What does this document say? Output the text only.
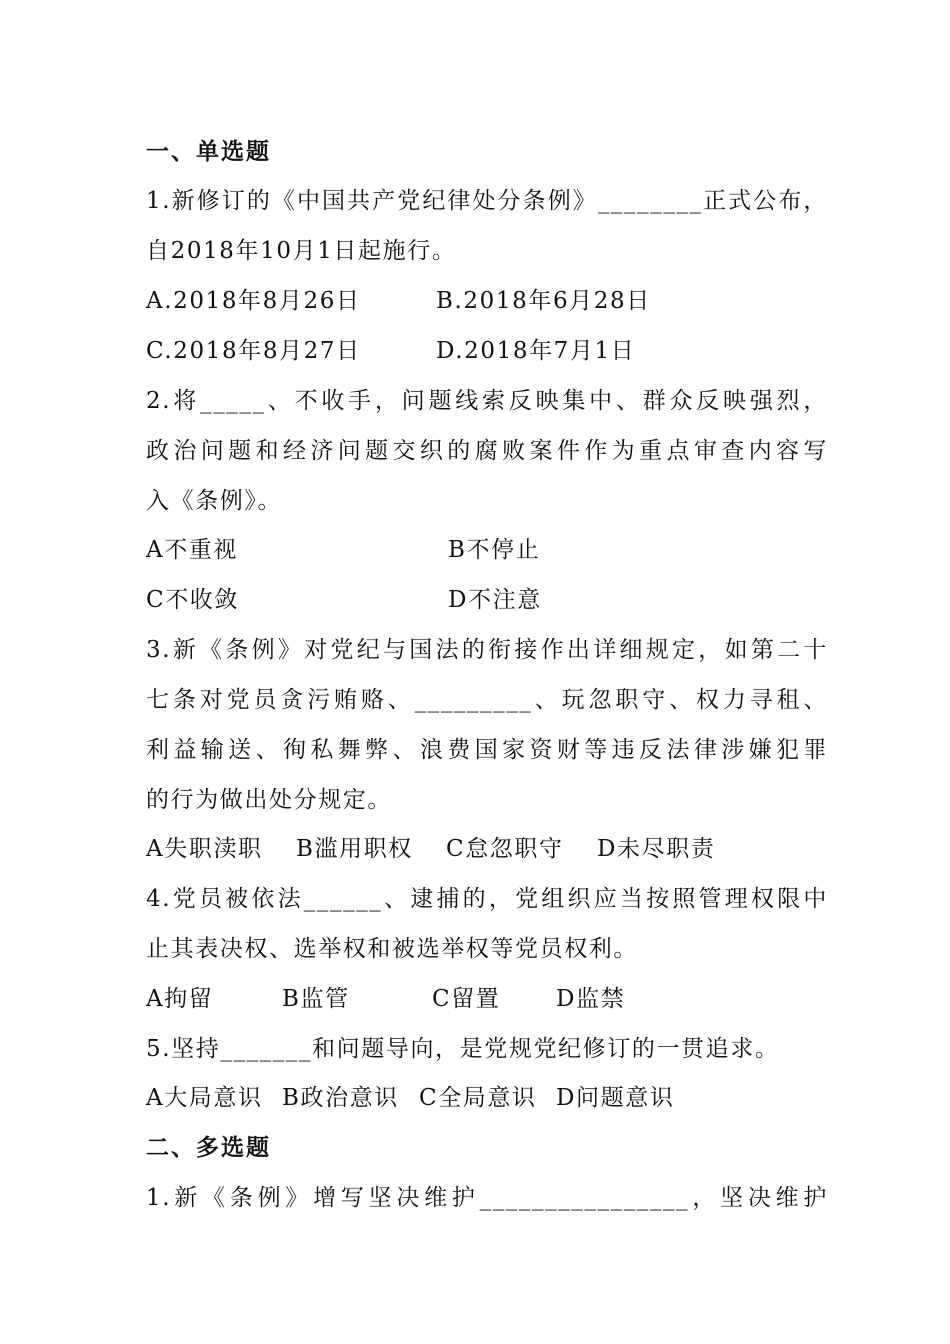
一、单选题
1.新修订的《中国共产党纪律处分条例》________正式公布，
自2018年10月1日起施行。
A.2018年8月26日	B.2018年6月28日
C.2018年8月27日	D.2018年7月1日
2.将_____、不收手，问题线索反映集中、群众反映强烈，
政治问题和经济问题交织的腐败案件作为重点审查内容写
入《条例》。
A不重视	B不停止
C不收敛	D不注意
3.新《条例》对党纪与国法的衔接作出详细规定，如第二十
七条对党员贪污贿赂、_________、玩忽职守、权力寻租、
利益输送、徇私舞弊、浪费国家资财等违反法律涉嫌犯罪
的行为做出处分规定。
A失职渎职 B滥用职权 C怠忽职守 D未尽职责
4.党员被依法______、逮捕的，党组织应当按照管理权限中
止其表决权、选举权和被选举权等党员权利。
A拘留	B监管	C留置 D监禁
5.坚持_______和问题导向，是党规党纪修订的一贯追求。
A大局意识 B政治意识 C全局意识 D问题意识
二、多选题
1.新《条例》增写坚决维护________________，坚决维护
